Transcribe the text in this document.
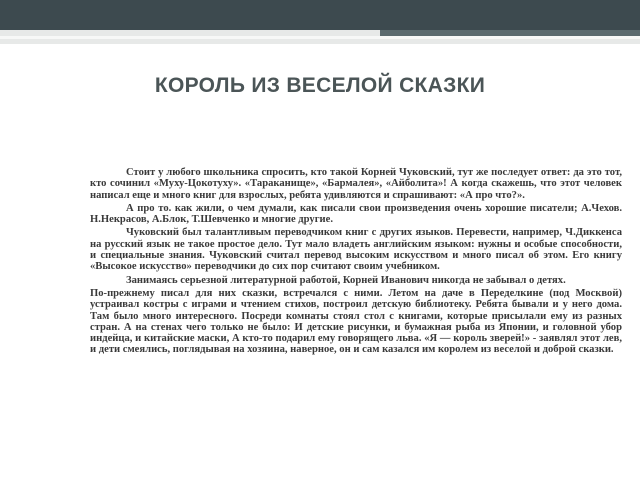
КОРОЛЬ ИЗ ВЕСЕЛОЙ СКАЗКИ

Стоит у любого школьника спросить, кто такой Корней Чуковский, тут же последует ответ: да это тот, кто сочинил «Муху-Цокотуху». «Тараканище», «Бармалея», «Айболита»! А когда скажешь, что этот человек написал еще и много книг для взрослых, ребята удивляются и спрашивают: «А про что?».

А про то. как жили, о чем думали, как писали свои произведения очень хорошие писатели; А.Чехов. Н.Некрасов, А.Блок, Т.Шевченко и многие другие.

Чуковский был талантливым переводчиком книг с других языков. Перевести, например, Ч.Диккенса на русский язык не такое простое дело. Тут мало владеть английским языком: нужны и особые способности, и специальные знания. Чуковский считал перевод высоким искусством и много писал об этом. Его книгу «Высокое искусство» переводчики до сих пор считают своим учебником.

Занимаясь серьезной литературной работой, Корней Иванович никогда не забывал о детях.

По-прежнему писал для них сказки, встречался с ними. Летом на даче в Переделкине (под Москвой) устраивал костры с играми и чтением стихов, построил детскую библиотеку. Ребята бывали и у него дома. Там было много интересного. Посреди комнаты стоял стол с книгами, которые присылали ему из разных стран. А на стенах чего только не было: И детские рисунки, и бумажная рыба из Японии, и головной убор индейца, и китайские маски, А кто-то подарил ему говорящего льва. «Я — король зверей!» - заявлял этот лев, и дети смеялись, поглядывая на хозяина, наверное, он и сам казался им королем из веселой и доброй сказки.
